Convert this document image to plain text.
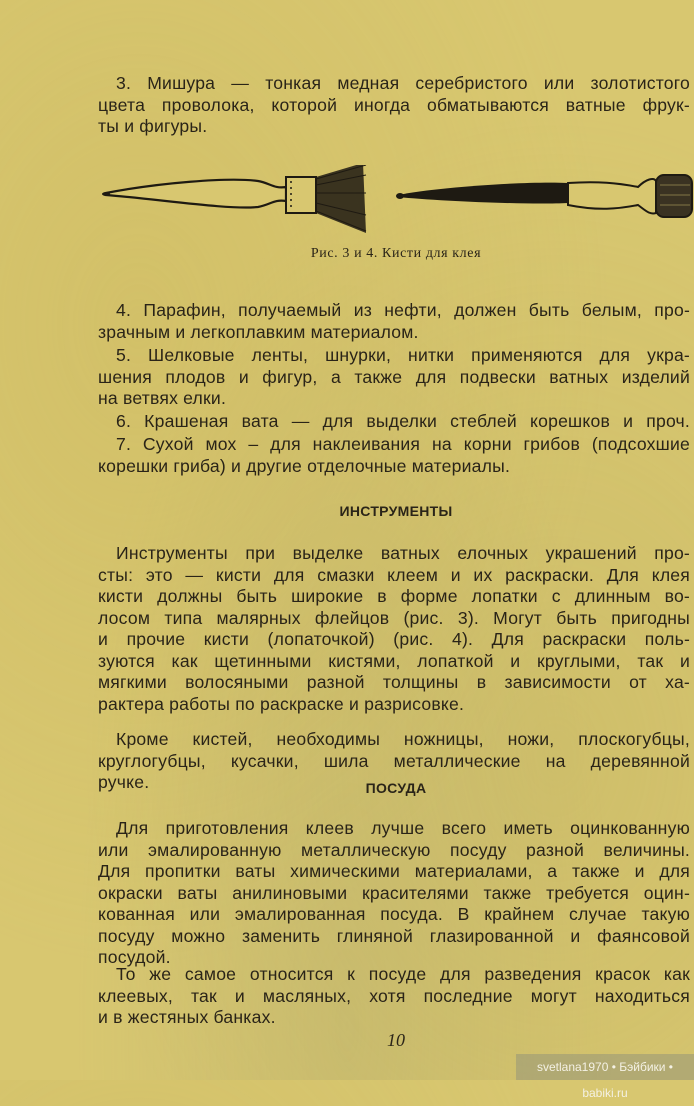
3. Мишура — тонкая медная серебристого или золотистого
цвета проволока, которой иногда обматываются ватные фрук-
ты и фигуры.
Рис. 3 и 4. Кисти для клея
4. Парафин, получаемый из нефти, должен быть белым, про-
зрачным и легкоплавким материалом.
5. Шелковые ленты, шнурки, нитки применяются для укра-
шения плодов и фигур, а также для подвески ватных изделий
на ветвях елки.
6. Крашеная вата — для выделки стеблей корешков и проч.
7. Сухой мох – для наклеивания на корни грибов (подсохшие
корешки гриба) и другие отделочные материалы.
ИНСТРУМЕНТЫ
Инструменты при выделке ватных елочных украшений про-
сты: это — кисти для смазки клеем и их раскраски. Для клея
кисти должны быть широкие в форме лопатки с длинным во-
лосом типа малярных флейцов (рис. 3). Могут быть пригодны
и прочие кисти (лопаточкой) (рис. 4). Для раскраски поль-
зуются как щетинными кистями, лопаткой и круглыми, так и
мягкими волосяными разной толщины в зависимости от ха-
рактера работы по раскраске и разрисовке.
Кроме кистей, необходимы ножницы, ножи, плоскогубцы,
круглогубцы, кусачки, шила металлические на деревянной
ручке.	ПОСУДА
Для приготовления клеев лучше всего иметь оцинкованную
или эмалированную металлическую посуду разной величины.
Для пропитки ваты химическими материалами, а также и для
окраски ваты анилиновыми красителями также требуется оцин-
кованная или эмалированная посуда. В крайнем случае такую
посуду можно заменить глиняной глазированной и фаянсовой
посудой.
То же самое относится к посуде для разведения красок как
клеевых, так и масляных, хотя последние могут находиться
и в жестяных банках.
10
svetlana1970 • Бэйбики • babiki.ru
